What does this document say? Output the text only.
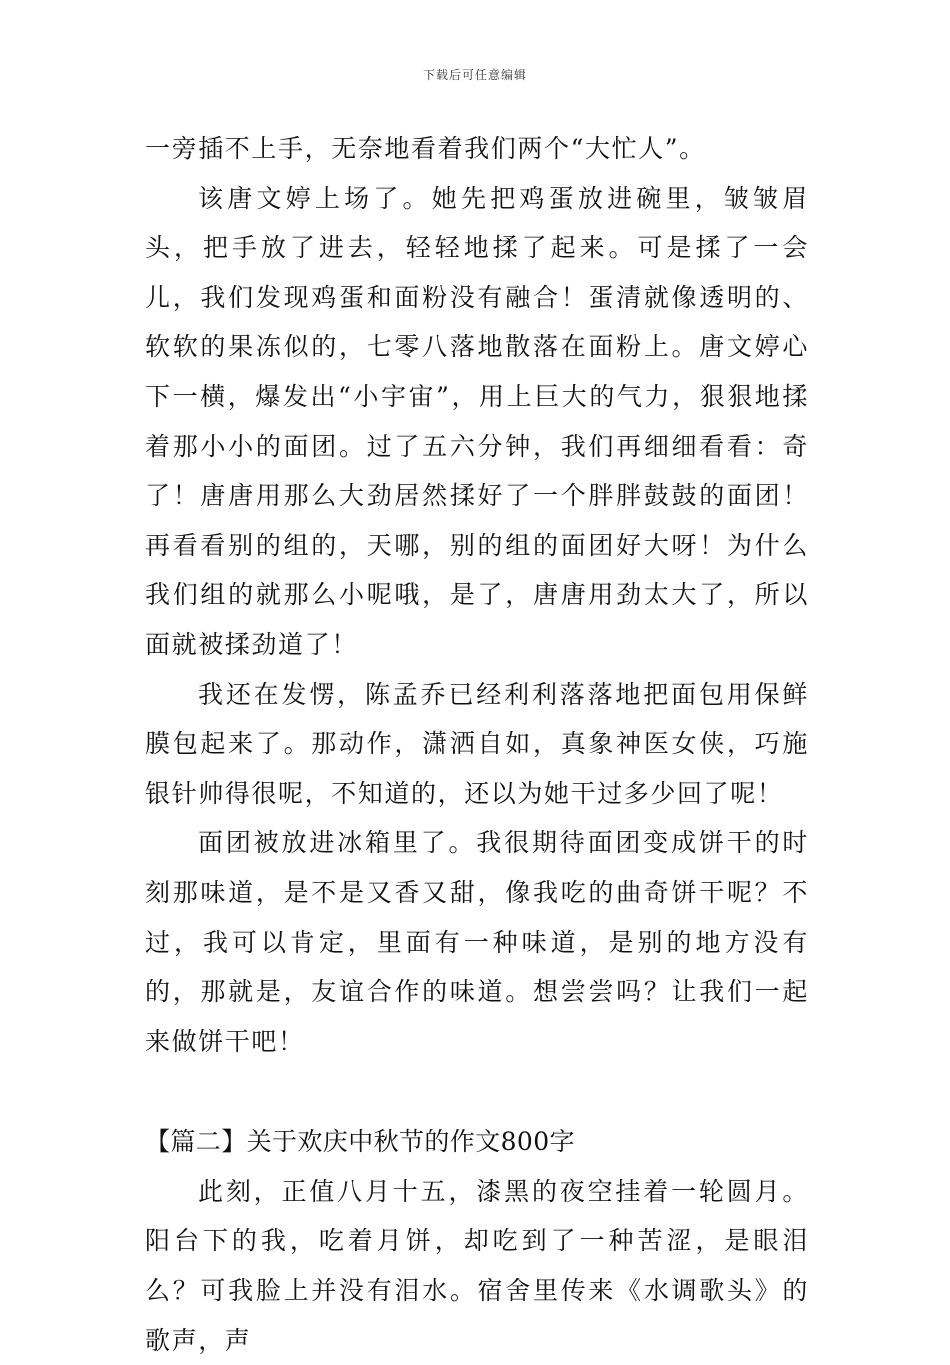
下载后可任意编辑

一旁插不上手，无奈地看着我们两个“大忙人”。

该唐文婷上场了。她先把鸡蛋放进碗里，皱皱眉头，把手放了进去，轻轻地揉了起来。可是揉了一会儿，我们发现鸡蛋和面粉没有融合！蛋清就像透明的、软软的果冻似的，七零八落地散落在面粉上。唐文婷心下一横，爆发出“小宇宙”，用上巨大的气力，狠狠地揉着那小小的面团。过了五六分钟，我们再细细看看：奇了！唐唐用那么大劲居然揉好了一个胖胖鼓鼓的面团！再看看别的组的，天哪，别的组的面团好大呀！为什么我们组的就那么小呢哦，是了，唐唐用劲太大了，所以面就被揉劲道了！

我还在发愣，陈孟乔已经利利落落地把面包用保鲜膜包起来了。那动作，潇洒自如，真象神医女侠，巧施银针帅得很呢，不知道的，还以为她干过多少回了呢！

面团被放进冰箱里了。我很期待面团变成饼干的时刻那味道，是不是又香又甜，像我吃的曲奇饼干呢？不过，我可以肯定，里面有一种味道，是别的地方没有的，那就是，友谊合作的味道。想尝尝吗？让我们一起来做饼干吧！

【篇二】关于欢庆中秋节的作文800字

此刻，正值八月十五，漆黑的夜空挂着一轮圆月。阳台下的我，吃着月饼，却吃到了一种苦涩，是眼泪么？可我脸上并没有泪水。宿舍里传来《水调歌头》的歌声，声
